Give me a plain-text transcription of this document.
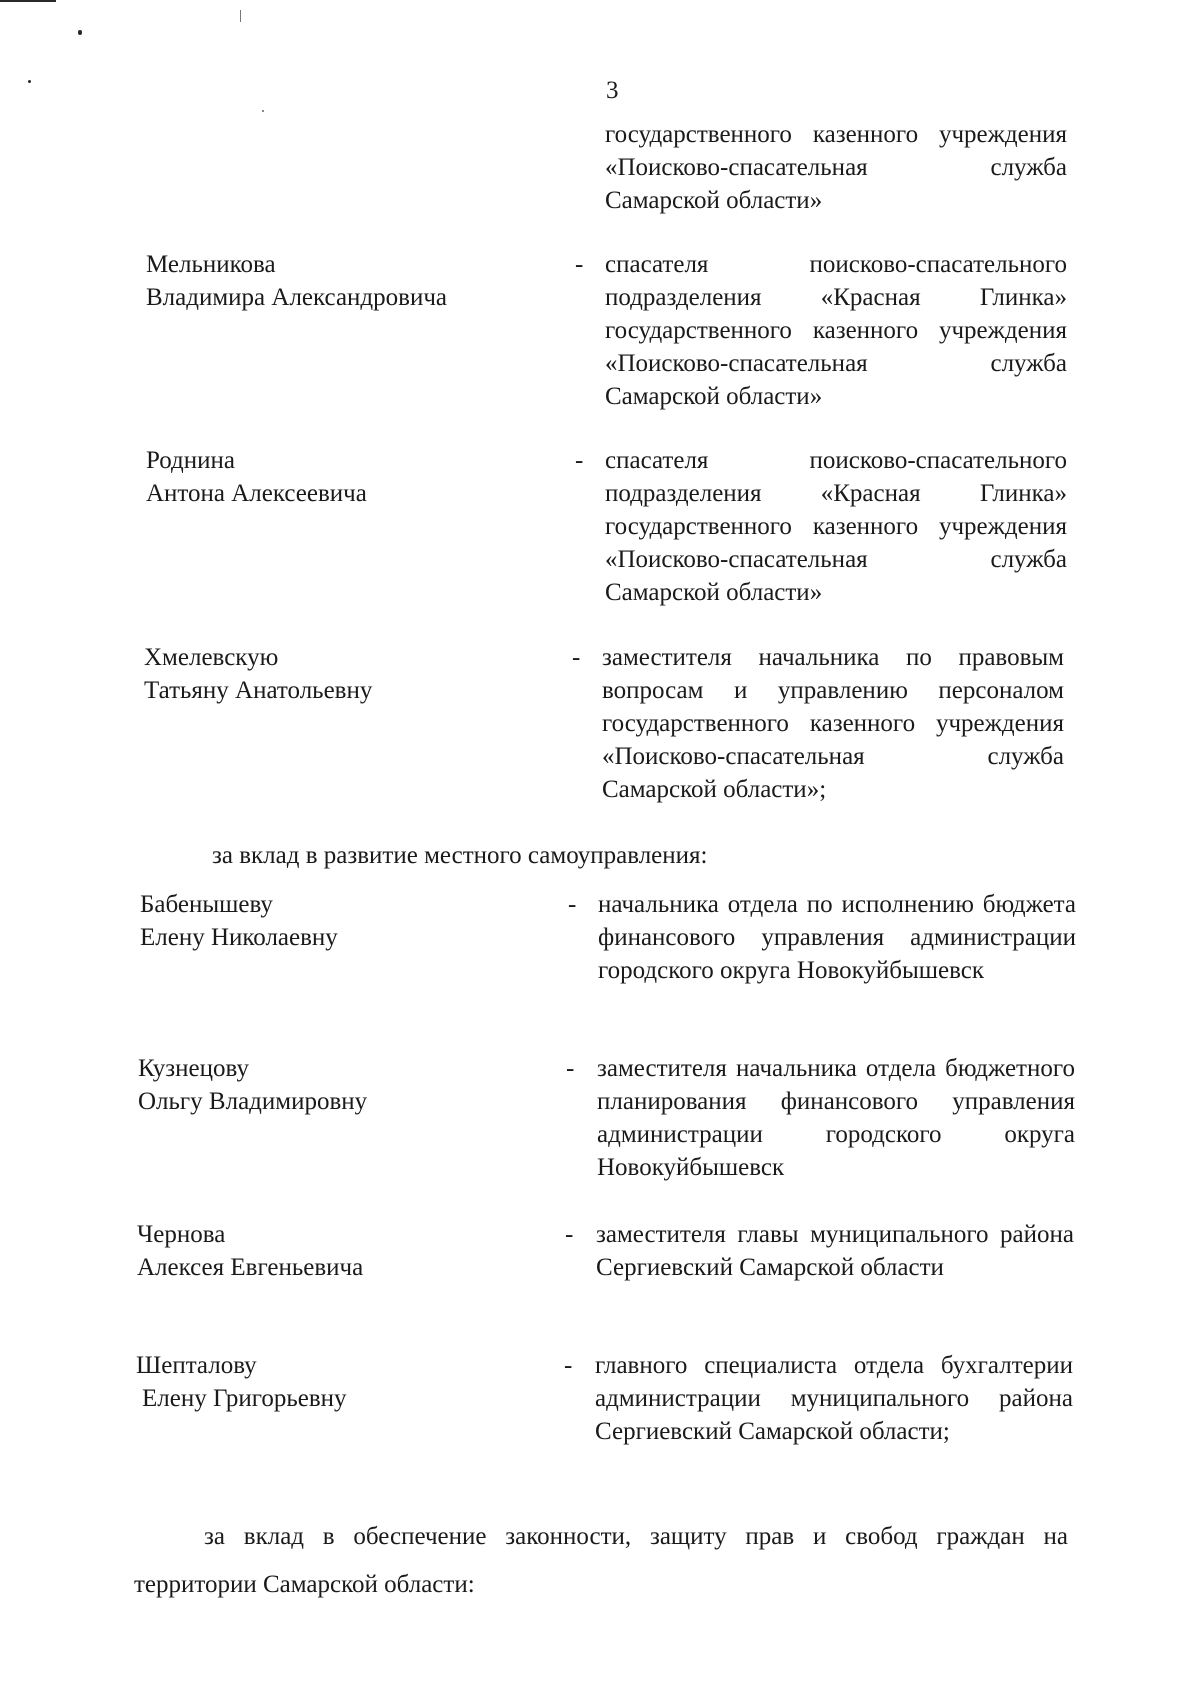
3
государственного казенного учреждения «Поисково-спасательная служба Самарской области»
Мельникова
Владимира Александровича
- спасателя поисково-спасательного подразделения «Красная Глинка» государственного казенного учреждения «Поисково-спасательная служба Самарской области»
Роднина
Антона Алексеевича
- спасателя поисково-спасательного подразделения «Красная Глинка» государственного казенного учреждения «Поисково-спасательная служба Самарской области»
Хмелевскую
Татьяну Анатольевну
- заместителя начальника по правовым вопросам и управлению персоналом государственного казенного учреждения «Поисково-спасательная служба Самарской области»;
за вклад в развитие местного самоуправления:
Бабенышеву
Елену Николаевну
- начальника отдела по исполнению бюджета финансового управления администрации городского округа Новокуйбышевск
Кузнецову
Ольгу Владимировну
- заместителя начальника отдела бюджетного планирования финансового управления администрации городского округа Новокуйбышевск
Чернова
Алексея Евгеньевича
- заместителя главы муниципального района Сергиевский Самарской области
Шепталову
Елену Григорьевну
- главного специалиста отдела бухгалтерии администрации муниципального района Сергиевский Самарской области;
за вклад в обеспечение законности, защиту прав и свобод граждан на территории Самарской области:
